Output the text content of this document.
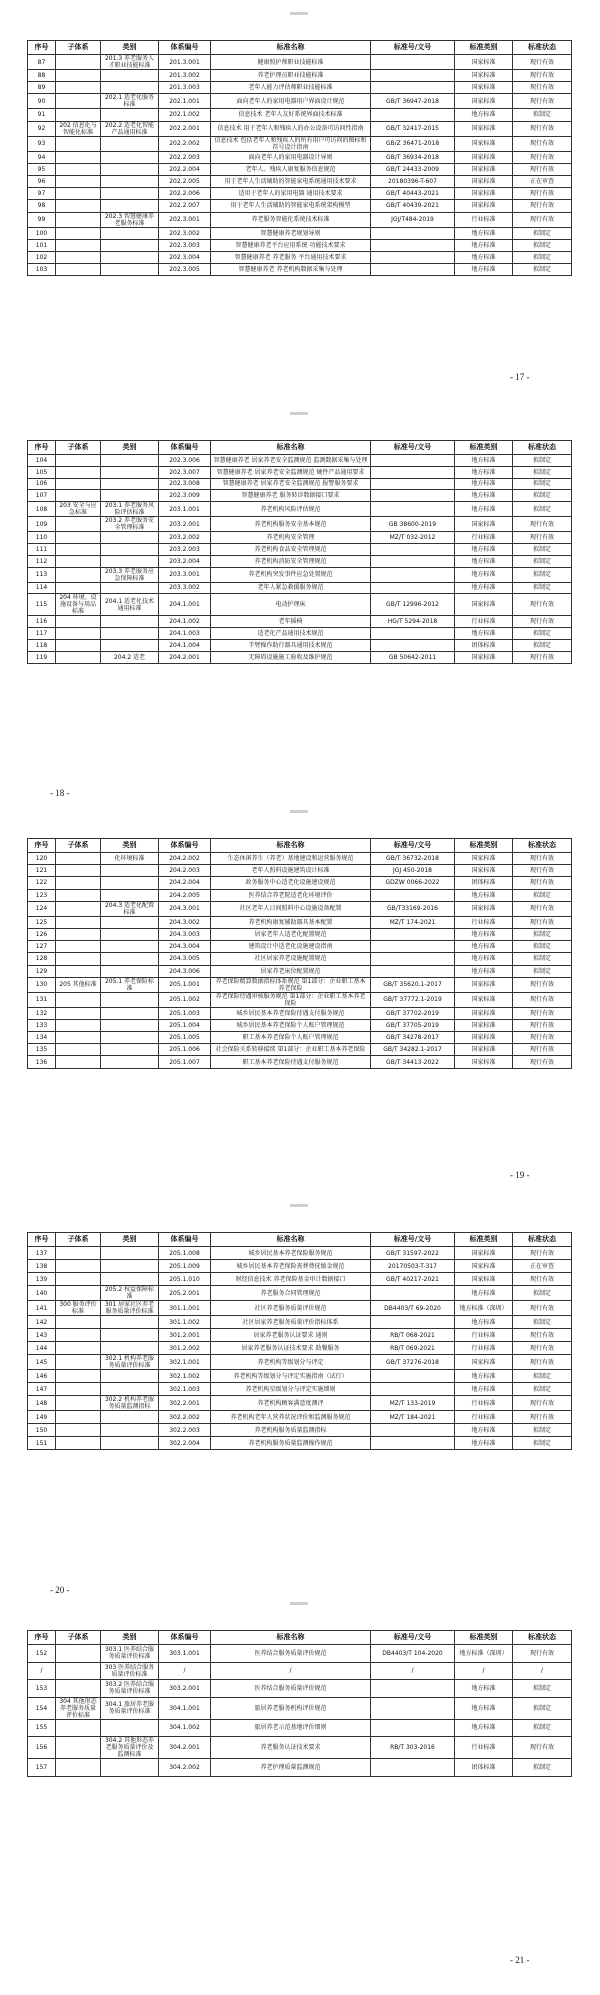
序号	子体系	类别	体系编号	标准名称	标准号/文号	标准类别	标准状态
87		201.3 养老服务人才职业技能标准	201.3.001	健康照护师职业技能标准		国家标准	现行有效
88			201.3.002	养老护理员职业技能标准		国家标准	现行有效
89			201.3.003	老年人能力评估师职业技能标准		国家标准	现行有效
90		202.1 适老化服务标准	202.1.001	面向老年人的家用电器用户界面设计规范	GB/T 36947-2018	国家标准	现行有效
91			202.1.002	信息技术 老年人友好系统界面技术标准		地方标准	拟制定
92	202 信息化与智能化标准	202.2 适老化智能产品通用标准	202.2.001	信息技术 用于老年人和残疾人的办公设备可访问性指南	GB/T 32417-2015	国家标准	现行有效
93			202.2.002	信息技术 包括老年人和残疾人的所有用户可访问的图标和符号设计指南	GB/Z 36471-2018	国家标准	现行有效
94			202.2.003	面向老年人的家用电器设计导则	GB/T 36934-2018	国家标准	现行有效
95			202.2.004	老年人、残疾人康复服务信息规范	GB/T 24433-2009	国家标准	现行有效
96			202.2.005	用于老年人生活辅助的智能家电系统通用技术要求	20180396-T-607	国家标准	正在审查
97			202.2.006	适用于老年人的家用电器 通用技术要求	GB/T 40443-2021	国家标准	现行有效
98			202.2.007	用于老年人生活辅助的智能家电系统架构模型	GB/T 40439-2021	国家标准	现行有效
99		202.3 智慧健康养老服务标准	202.3.001	养老服务智能化系统技术标准	JGJ/T484-2019	行业标准	现行有效
100			202.3.002	智慧健康养老规划导则		地方标准	拟制定
101			202.3.003	智慧健康养老平台应用系统 功能技术要求		地方标准	拟制定
102			202.3.004	智慧健康养老 养老服务 平台通用技术要求		地方标准	拟制定
103			202.3.005	智慧健康养老 养老机构数据采集与处理		地方标准	拟制定
- 17 -
序号	子体系	类别	体系编号	标准名称	标准号/文号	标准类别	标准状态
104			202.3.006	智慧健康养老 居家养老安全监测规范 监测数据采集与处理		地方标准	拟制定
105			202.3.007	智慧健康养老 居家养老安全监测规范 硬件产品通用要求		地方标准	拟制定
106			202.3.008	智慧健康养老 居家养老安全监测规范 报警服务要求		地方标准	拟制定
107			202.3.009	智慧健康养老 服务转诊数据接口要求		地方标准	拟制定
108	203 安全与应急标准	203.1 养老服务风险评估标准	203.1.001	养老机构风险评估规范		地方标准	拟制定
109		203.2 养老服务安全管理标准	203.2.001	养老机构服务安全基本规范	GB 38600-2019	国家标准	现行有效
110			203.2.002	养老机构安全管理	MZ/T 032-2012	行业标准	现行有效
111			203.2.003	养老机构食品安全管理规范		地方标准	拟制定
112			203.2.004	养老机构消防安全管理规范		地方标准	拟制定
113		203.3 养老服务应急保障标准	203.3.001	养老机构突发事件应急处置规范		地方标准	拟制定
114			203.3.002	老年人紧急救援服务规范		地方标准	拟制定
115	204 环境、设施设备与用品标准	204.1 适老化技术通用标准	204.1.001	电动护理床	GB/T 12996-2012	国家标准	现行有效
116			204.1.002	老年摇椅	HG/T 5294-2018	行业标准	现行有效
117			204.1.003	适老化产品通用技术规范		地方标准	拟制定
118			204.1.004	半臂操作助行器具通用技术规范		团体标准	拟制定
119		204.2 适老	204.2.001	无障碍设施施工验收及维护规范	GB 50642-2011	国家标准	现行有效
- 18 -
序号	子体系	类别	体系编号	标准名称	标准号/文号	标准类别	标准状态
120		化环境标准	204.2.002	生态休闲养生（养老）基地建设和运营服务规范	GB/T 36732-2018	国家标准	现行有效
121			204.2.003	老年人照料设施建筑设计标准	JGJ 450-2018	国家标准	现行有效
122			204.2.004	政务服务中心适老化设施建设规范	GDZW 0066-2022	团体标准	现行有效
123			204.2.005	医养结合养老院适老化环境评价		地方标准	拟制定
124		204.3 适老化配置标准	204.3.001	社区老年人日间照料中心设施设备配置	GB/T33169-2016	国家标准	现行有效
125			204.3.002	养老机构康复辅助器具基本配置	MZ/T 174-2021	行业标准	现行有效
126			204.3.003	居家老年人适老化配置规范		地方标准	拟制定
127			204.3.004	建筑设计中适老化设施建设指南		地方标准	拟制定
128			204.3.005	社区居家养老设施配置规范		地方标准	拟制定
129			204.3.006	居家养老床位配置规范		地方标准	拟制定
130	205 其他标准	205.1 养老保险标准	205.1.001	养老保险精算数据指标体系规范 第1部分：企业职工基本养老保险	GB/T 35620.1-2017	国家标准	现行有效
131			205.1.002	养老保险待遇审核服务规范 第1部分：企业职工基本养老保险	GB/T 37772.1-2019	国家标准	现行有效
132			205.1.003	城乡居民基本养老保险待遇支付服务规范	GB/T 37702-2019	国家标准	现行有效
133			205.1.004	城乡居民基本养老保险个人账户管理规范	GB/T 37705-2019	国家标准	现行有效
134			205.1.005	职工基本养老保险个人账户管理规范	GB/T 34278-2017	国家标准	现行有效
135			205.1.006	社会保险关系转移接续 第1部分：企业职工基本养老保险	GB/T 34282.1-2017	国家标准	现行有效
136			205.1.007	职工基本养老保险待遇支付服务规范	GB/T 34413-2022	国家标准	现行有效
- 19 -
序号	子体系	类别	体系编号	标准名称	标准号/文号	标准类别	标准状态
137			205.1.008	城乡居民基本养老保险服务规范	GB/T 31597-2022	国家标准	现行有效
138			205.1.009	城乡居民基本养老保险丧葬费抚恤金规范	20170503-T-317	国家标准	正在审查
139			205.1.010	财经信息技术 养老保险基金审计数据接口	GB/T 40217-2021	国家标准	现行有效
140		205.2 权益保障标准	205.2.001	养老服务合同管理规范		地方标准	拟制定
141	300 服务评价标准	301 居家社区养老服务质量评价标准	301.1.001	社区养老服务质量评价规范	DB4403/T 69-2020	地方标准（深圳）	现行有效
142			301.1.002	社区居家养老服务质量评价指标体系		地方标准	拟制定
143			301.2.001	居家养老服务认证要求 通则	RB/T 068-2021	行业标准	现行有效
144			301.2.002	居家养老服务认证技术要求 助餐服务	RB/T 069-2021	行业标准	现行有效
145		302.1 机构养老服务质量评价标准	302.1.001	养老机构等级划分与评定	GB/T 37276-2018	国家标准	现行有效
146			302.1.002	养老机构等级划分与评定实施指南（试行）		地方标准	拟制定
147			302.1.003	养老机构星级划分与评定实施细则		地方标准	拟制定
148		302.2 机构养老服务质量监测指标	302.2.001	养老机构顾客满意度测评	MZ/T 133-2019	行业标准	现行有效
149			302.2.002	养老机构老年人营养状况评价和监测服务规范	MZ/T 184-2021	行业标准	现行有效
150			302.2.003	养老机构服务质量监测指标		地方标准	拟制定
151			302.2.004	养老机构服务质量监测操作规范		地方标准	拟制定
- 20 -
序号	子体系	类别	体系编号	标准名称	标准号/文号	标准类别	标准状态
152		303.1 医养结合服务质量评价标准	303.1.001	医养结合服务质量评价规范	DB4403/T 104-2020	地方标准（深圳）	现行有效
/		303 医养结合服务质量评价标准	/	/	/	/	/
153		303.2 医养结合服务质量评价标准	303.2.001	医养结合服务质量评价规范		地方标准	拟制定
154	304 其他形态养老服务质量评价标准	304.1 旅居养老服务质量评价标准	304.1.001	旅居养老服务机构评价规范		地方标准	拟制定
155			304.1.002	旅居养老示范基地评价细则		地方标准	拟制定
156		304.2 其他形态养老服务质量评价及监测标准	304.2.001	养老服务认证技术要求	RB/T 303-2016	行业标准	现行有效
157			304.2.002	养老护理质量监测规范		团体标准	拟制定
- 21 -
